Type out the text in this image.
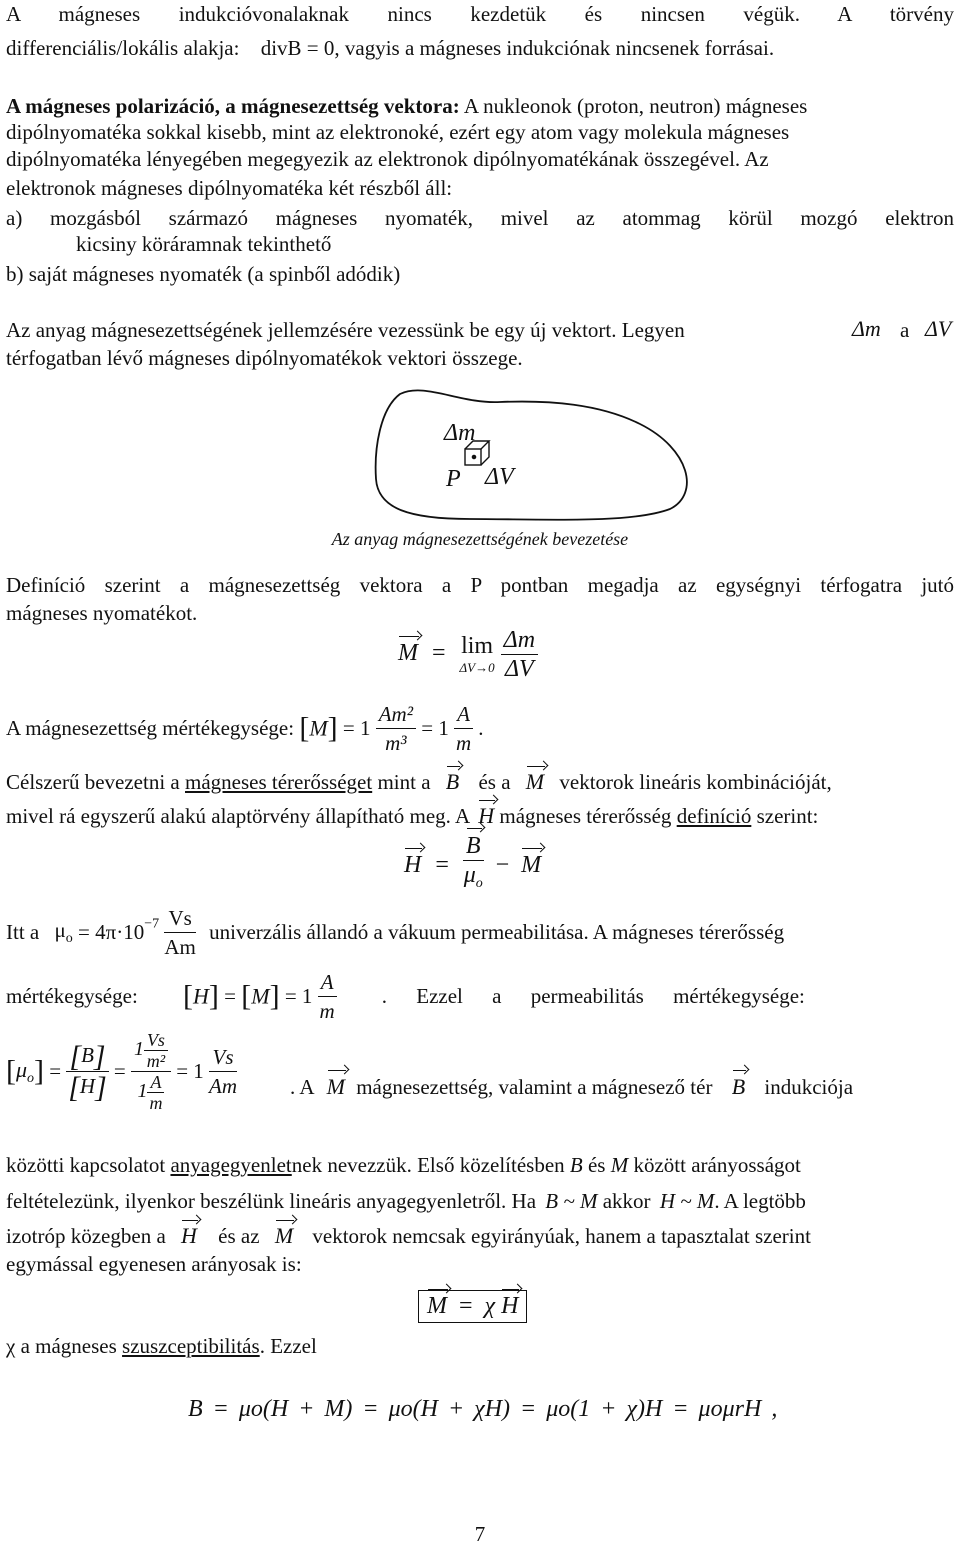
A mágneses indukcióvonalaknak nincs kezdetük és nincsen végük. A törvény
differenciális/lokális alakja: divB = 0, vagyis a mágneses indukciónak nincsenek forrásai.
A mágneses polarizáció, a mágnesezettség vektora: A nukleonok (proton, neutron) mágneses
dipólnyomatéka sokkal kisebb, mint az elektronoké, ezért egy atom vagy molekula mágneses
dipólnyomatéka lényegében megegyezik az elektronok dipólnyomatékának összegével. Az
elektronok mágneses dipólnyomatéka két részből áll:
a) mozgásból származó mágneses nyomaték, mivel az atommag körül mozgó elektron
kicsiny köráramnak tekinthető
b) saját mágneses nyomaték (a spinből adódik)
Az anyag mágnesezettségének jellemzésére vezessünk be egy új vektort. Legyen	Δm a ΔV
térfogatban lévő mágneses dipólnyomatékok vektori összege.
Δm
P ΔV
Az anyag mágnesezettségének bevezetése
Definíció szerint a mágnesezettség vektora a P pontban megadja az egységnyi térfogatra jutó
mágneses nyomatékot.
M = lim
ΔV→0
$\frac{\Delta m}{\Delta V}$
A mágnesezettség mértékegysége: $[M] = 1 \frac{\text{Am²}}{\text{m³}} = 1 \frac{A}{m}$ .
Célszerű bevezetni a mágneses térerősséget mint a B és a M vektorok lineáris kombinációját,
mivel rá egyszerű alakú alaptörvény állapítható meg. A H mágneses térerősség definíció szerint:
$H = \frac{B}{\mu_o} - M$
Itt a $\mu_o = 4\pi\cdot 10^{-7} \frac{Vs}{Am}$ univerzális állandó a vákuum permeabilitása. A mágneses térerősség
mértékegysége: $[H] = [M] = 1 \frac{A}{m}$ . Ezzel a permeabilitás mértékegysége:
$[\mu_o] = \frac{[B]}{[H]} = \frac{1 \frac{Vs}{\text{m²}}}{1 \frac{A}{m}} = 1 \frac{Vs}{Am}$	. A M mágnesezettség, valamint a mágnesező tér B indukciója
közötti kapcsolatot anyagegyenletnek nevezzük. Első közelítésben B és M között arányosságot
feltételezünk, ilyenkor beszélünk lineáris anyagegyenletről. Ha B ~ M akkor H ~ M. A legtöbb
izotróp közegben a H és az M vektorok nemcsak egyirányúak, hanem a tapasztalat szerint
egymással egyenesen arányosak is:
M = χ H
χ a mágneses szuszceptibilitás. Ezzel
B = μo(H + M) = μo(H + χH) = μo(1 + χ)H = μoμrH ,
7
